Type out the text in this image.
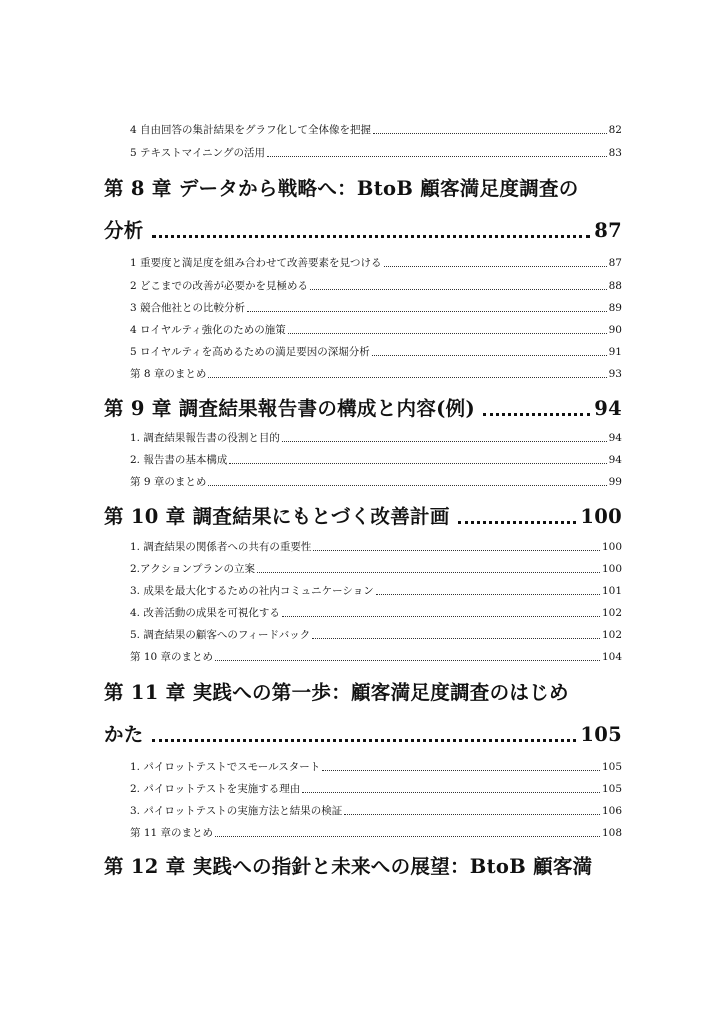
4 自由回答の集計結果をグラフ化して全体像を把握	82
5 テキストマイニングの活用	83
第 8 章 データから戦略へ：BtoB 顧客満足度調査の
分析	87
1 重要度と満足度を組み合わせて改善要素を見つける	87
2 どこまでの改善が必要かを見極める	88
3 競合他社との比較分析	89
4 ロイヤルティ強化のための施策	90
5 ロイヤルティを高めるための満足要因の深堀分析	91
第 8 章のまとめ	93
第 9 章 調査結果報告書の構成と内容(例)	94
1. 調査結果報告書の役割と目的	94
2. 報告書の基本構成	94
第 9 章のまとめ	99
第 10 章 調査結果にもとづく改善計画	100
1. 調査結果の関係者への共有の重要性	100
2.アクションプランの立案	100
3. 成果を最大化するための社内コミュニケーション	101
4. 改善活動の成果を可視化する	102
5. 調査結果の顧客へのフィードバック	102
第 10 章のまとめ	104
第 11 章 実践への第一歩：顧客満足度調査のはじめ
かた	105
1. パイロットテストでスモールスタート	105
2. パイロットテストを実施する理由	105
3. パイロットテストの実施方法と結果の検証	106
第 11 章のまとめ	108
第 12 章 実践への指針と未来への展望：BtoB 顧客満
